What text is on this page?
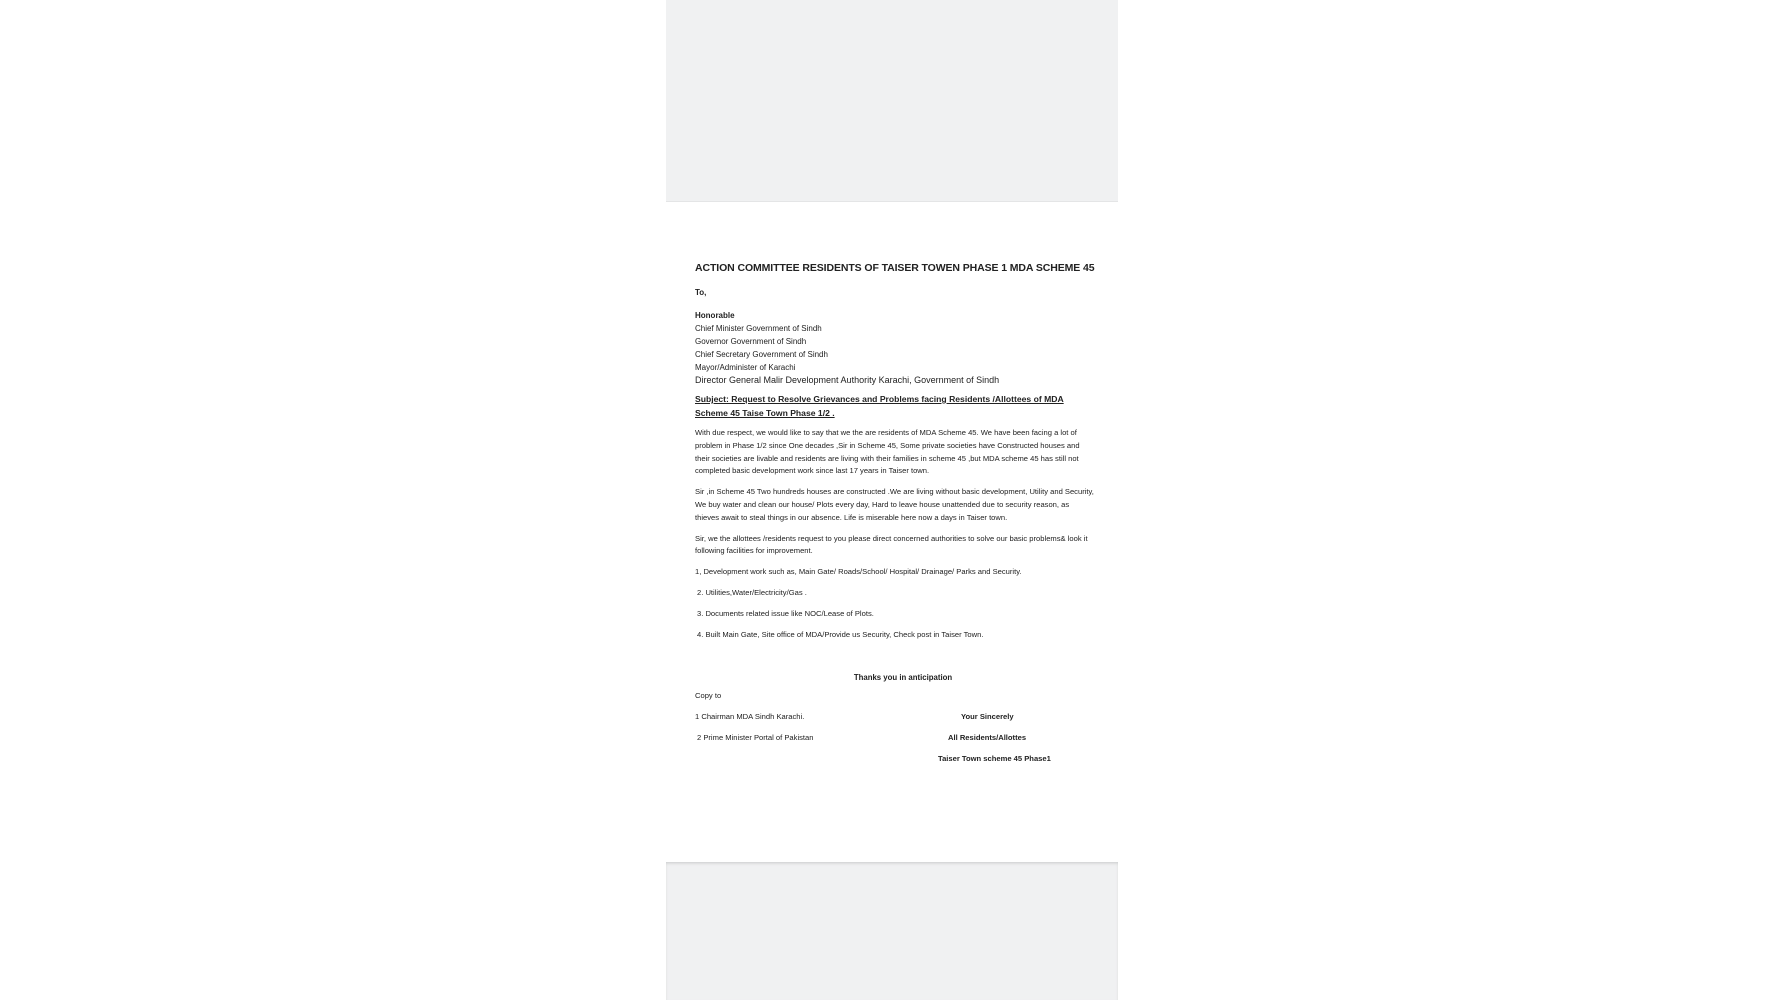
ACTION COMMITTEE RESIDENTS OF TAISER TOWEN PHASE 1 MDA SCHEME 45
To,
Honorable
Chief Minister Government of Sindh
Governor Government of Sindh
Chief Secretary Government of Sindh
Mayor/Administer of Karachi
Director General Malir Development Authority Karachi, Government of Sindh
Subject: Request to Resolve Grievances and Problems facing Residents /Allottees of MDA Scheme 45 Taise Town Phase 1/2 .

With due respect, we would like to say that we the are residents of MDA Scheme 45. We have been facing a lot of problem in Phase 1/2 since One decades ,Sir in Scheme 45, Some private societies have Constructed houses and their societies are livable and residents are living with their families in scheme 45 ,but MDA scheme 45 has still not completed basic development work since last 17 years in Taiser town.

Sir ,in Scheme 45 Two hundreds houses are constructed .We are living without basic development, Utility and Security, We buy water and clean our house/ Plots every day, Hard to leave house unattended due to security reason, as thieves await to steal things in our absence. Life is miserable here now a days in Taiser town.

Sir, we the allottees /residents request to you please direct concerned authorities to solve our basic problems& look it following facilities for improvement.

1, Development work such as, Main Gate/ Roads/School/ Hospital/ Drainage/ Parks and Security.
2. Utilities,Water/Electricity/Gas .
3. Documents related issue like NOC/Lease of Plots.
4. Built Main Gate, Site office of MDA/Provide us Security, Check post in Taiser Town.
Thanks you in anticipation
Copy to
1 Chairman MDA Sindh Karachi.	Your Sincerely
2 Prime Minister Portal of Pakistan	All Residents/Allottes
Taiser Town scheme 45 Phase1
